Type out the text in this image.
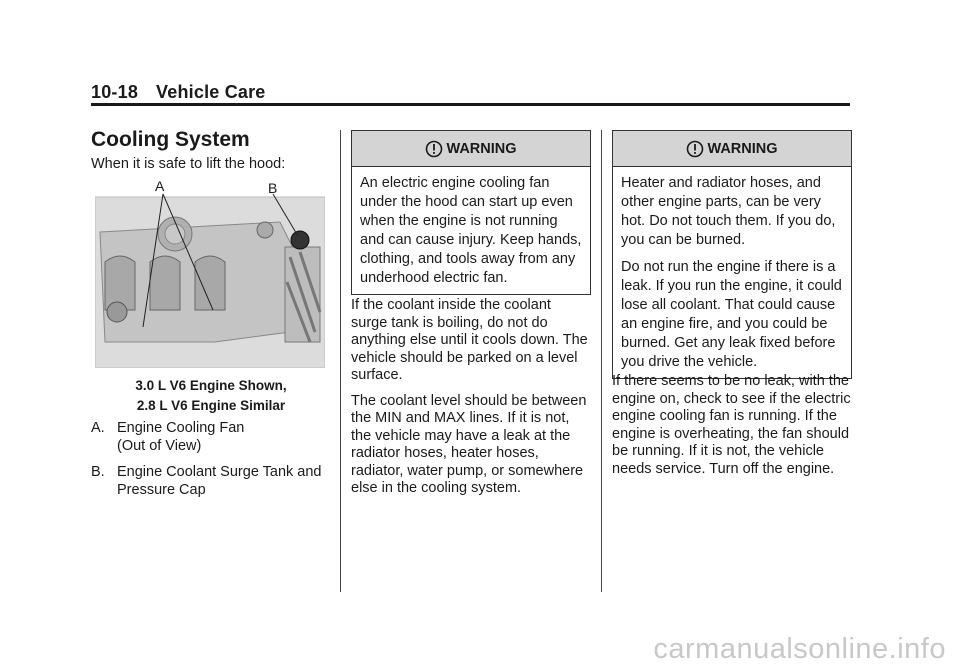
10-18 Vehicle Care
Cooling System
When it is safe to lift the hood:
A	B
3.0 L V6 Engine Shown,
2.8 L V6 Engine Similar
A. Engine Cooling Fan
(Out of View)
B. Engine Coolant Surge Tank and
Pressure Cap
WARNING

An electric engine cooling fan under the hood can start up even when the engine is not running and can cause injury. Keep hands, clothing, and tools away from any underhood electric fan.

If the coolant inside the coolant surge tank is boiling, do not do anything else until it cools down. The vehicle should be parked on a level surface.

The coolant level should be between the MIN and MAX lines. If it is not, the vehicle may have a leak at the radiator hoses, heater hoses, radiator, water pump, or somewhere else in the cooling system.

WARNING

Heater and radiator hoses, and other engine parts, can be very hot. Do not touch them. If you do, you can be burned.

Do not run the engine if there is a leak. If you run the engine, it could lose all coolant. That could cause an engine fire, and you could be burned. Get any leak fixed before you drive the vehicle.

If there seems to be no leak, with the engine on, check to see if the electric engine cooling fan is running. If the engine is overheating, the fan should be running. If it is not, the vehicle needs service. Turn off the engine.

carmanualsonline.info
